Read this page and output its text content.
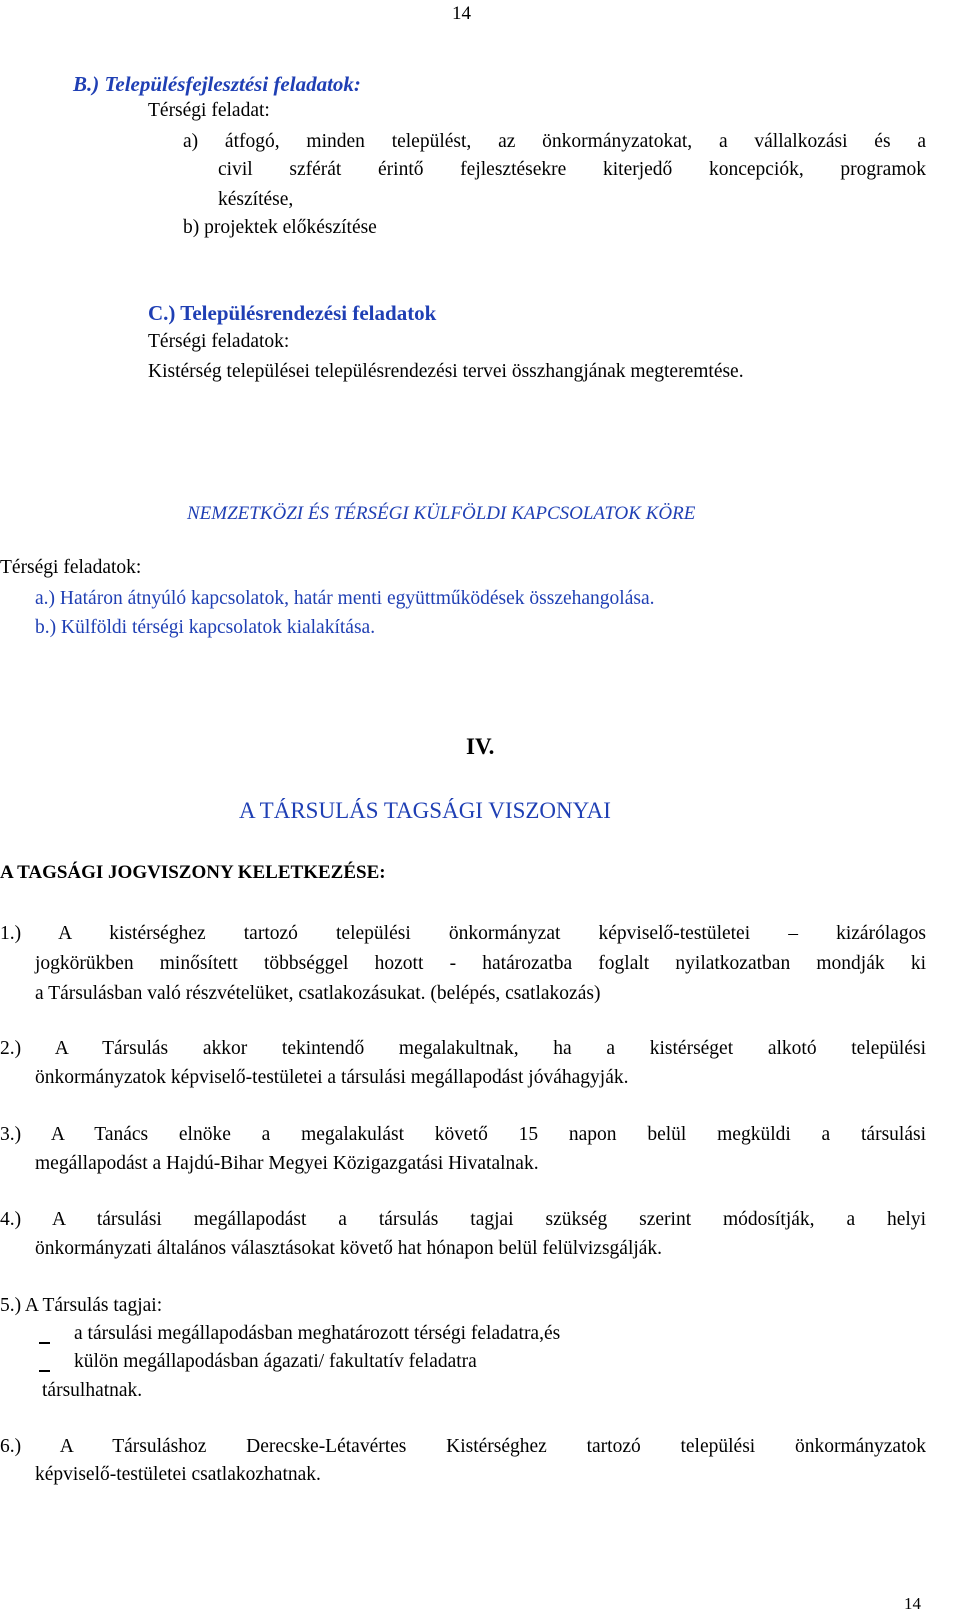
14
B.) Településfejlesztési feladatok:
Térségi feladat:
a) átfogó, minden települést, az önkormányzatokat, a vállalkozási és a
civil szférát érintő fejlesztésekre kiterjedő koncepciók, programok
készítése,
b) projektek előkészítése
C.) Településrendezési feladatok
Térségi feladatok:
Kistérség települései településrendezési tervei összhangjának megteremtése.
NEMZETKÖZI ÉS TÉRSÉGI KÜLFÖLDI KAPCSOLATOK KÖRE
Térségi feladatok:
a.) Határon átnyúló kapcsolatok, határ menti együttműködések összehangolása.
b.) Külföldi térségi kapcsolatok kialakítása.
IV.
A TÁRSULÁS TAGSÁGI VISZONYAI
A TAGSÁGI JOGVISZONY KELETKEZÉSE:
1.) A kistérséghez tartozó települési önkormányzat képviselő-testületei – kizárólagos
jogkörükben minősített többséggel hozott - határozatba foglalt nyilatkozatban mondják ki
a Társulásban való részvételüket, csatlakozásukat. (belépés, csatlakozás)
2.) A Társulás akkor tekintendő megalakultnak, ha a kistérséget alkotó települési
önkormányzatok képviselő-testületei a társulási megállapodást jóváhagyják.
3.) A Tanács elnöke a megalakulást követő 15 napon belül megküldi a társulási
megállapodást a Hajdú-Bihar Megyei Közigazgatási Hivatalnak.
4.) A társulási megállapodást a társulás tagjai szükség szerint módosítják, a helyi
önkormányzati általános választásokat követő hat hónapon belül felülvizsgálják.
5.) A Társulás tagjai:
a társulási megállapodásban meghatározott térségi feladatra,és
külön megállapodásban ágazati/ fakultatív feladatra
társulhatnak.
6.) A Társuláshoz Derecske-Létavértes Kistérséghez tartozó települési önkormányzatok
képviselő-testületei csatlakozhatnak.
14
